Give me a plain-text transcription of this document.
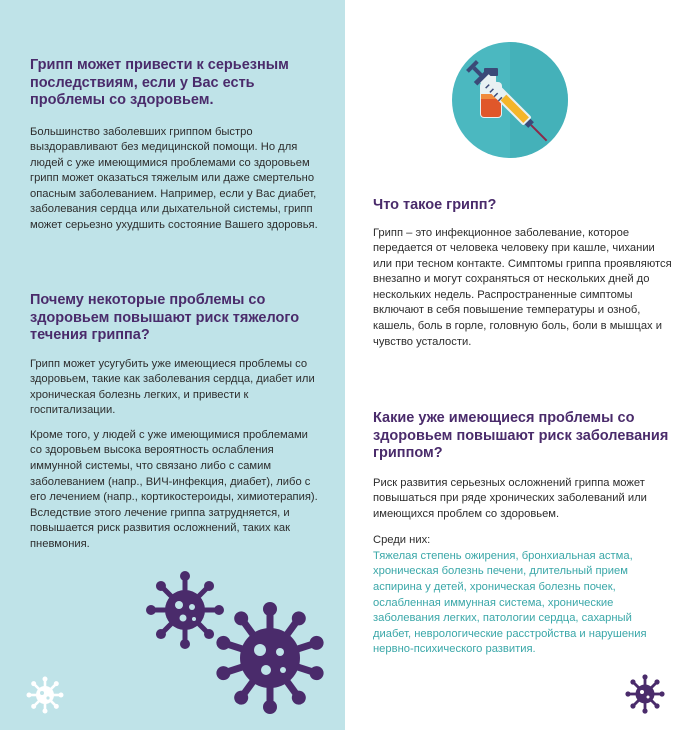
Грипп может привести к серьезным последствиям, если у Вас есть проблемы со здоровьем.

Большинство заболевших гриппом быстро выздоравливают без медицинской помощи. Но для людей с уже имеющимися проблемами со здоровьем грипп может оказаться тяжелым или даже смертельно опасным заболеванием. Например, если у Вас диабет, заболевания сердца или дыхательной системы, грипп может серьезно ухудшить состояние Вашего здоровья.

Почему некоторые проблемы со здоровьем повышают риск тяжелого течения гриппа?

Грипп может усугубить уже имеющиеся проблемы со здоровьем, такие как заболевания сердца, диабет или хроническая болезнь легких, и привести к госпитализации.

Кроме того, у людей с уже имеющимися проблемами со здоровьем высока вероятность ослабления иммунной системы, что связано либо с самим заболеванием (напр., ВИЧ-инфекция, диабет), либо с его лечением (напр., кортикостероиды, химиотерапия). Вследствие этого лечение гриппа затрудняется, и повышается риск развития осложнений, таких как пневмония.

Что такое грипп?

Грипп – это инфекционное заболевание, которое передается от человека человеку при кашле, чихании или при тесном контакте. Симптомы гриппа проявляются внезапно и могут сохраняться от нескольких дней до нескольких недель. Распространенные симптомы включают в себя повышение температуры и озноб, кашель, боль в горле, головную боль, боли в мышцах и чувство усталости.

Какие уже имеющиеся проблемы со здоровьем повышают риск заболевания гриппом?

Риск развития серьезных осложнений гриппа может повышаться при ряде хронических заболеваний или имеющихся проблем со здоровьем.

Среди них:

Тяжелая степень ожирения, бронхиальная астма, хроническая болезнь печени, длительный прием аспирина у детей, хроническая болезнь почек, ослабленная иммунная система, хронические заболевания легких, патологии сердца, сахарный диабет, неврологические расстройства и нарушения нервно-психического развития.
